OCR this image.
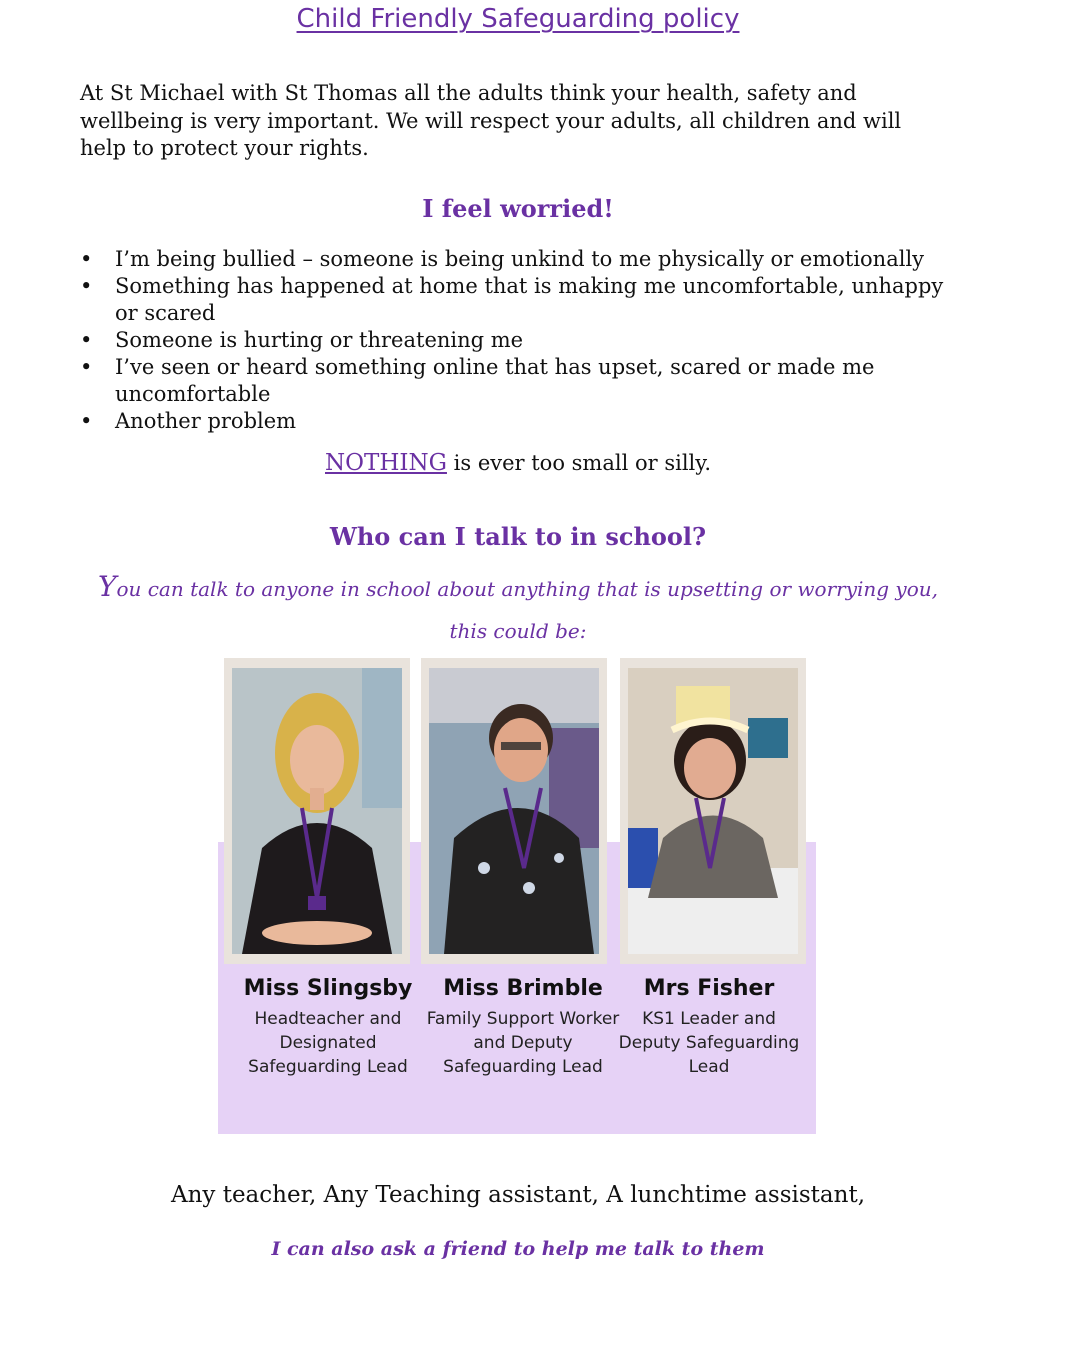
Child Friendly Safeguarding policy
At St Michael with St Thomas all the adults think your health, safety and wellbeing is very important. We will respect your adults, all children and will help to protect your rights.
I feel worried!
• I’m being bullied – someone is being unkind to me physically or emotionally
• Something has happened at home that is making me uncomfortable, unhappy or scared
• Someone is hurting or threatening me
• I’ve seen or heard something online that has upset, scared or made me uncomfortable
• Another problem
NOTHING is ever too small or silly.
Who can I talk to in school?
You can talk to anyone in school about anything that is upsetting or worrying you,
this could be:
Miss Slingsby
Headteacher and Designated Safeguarding Lead
Miss Brimble
Family Support Worker and Deputy Safeguarding Lead
Mrs Fisher
KS1 Leader and Deputy Safeguarding Lead
Any teacher, Any Teaching assistant, A lunchtime assistant,
I can also ask a friend to help me talk to them
